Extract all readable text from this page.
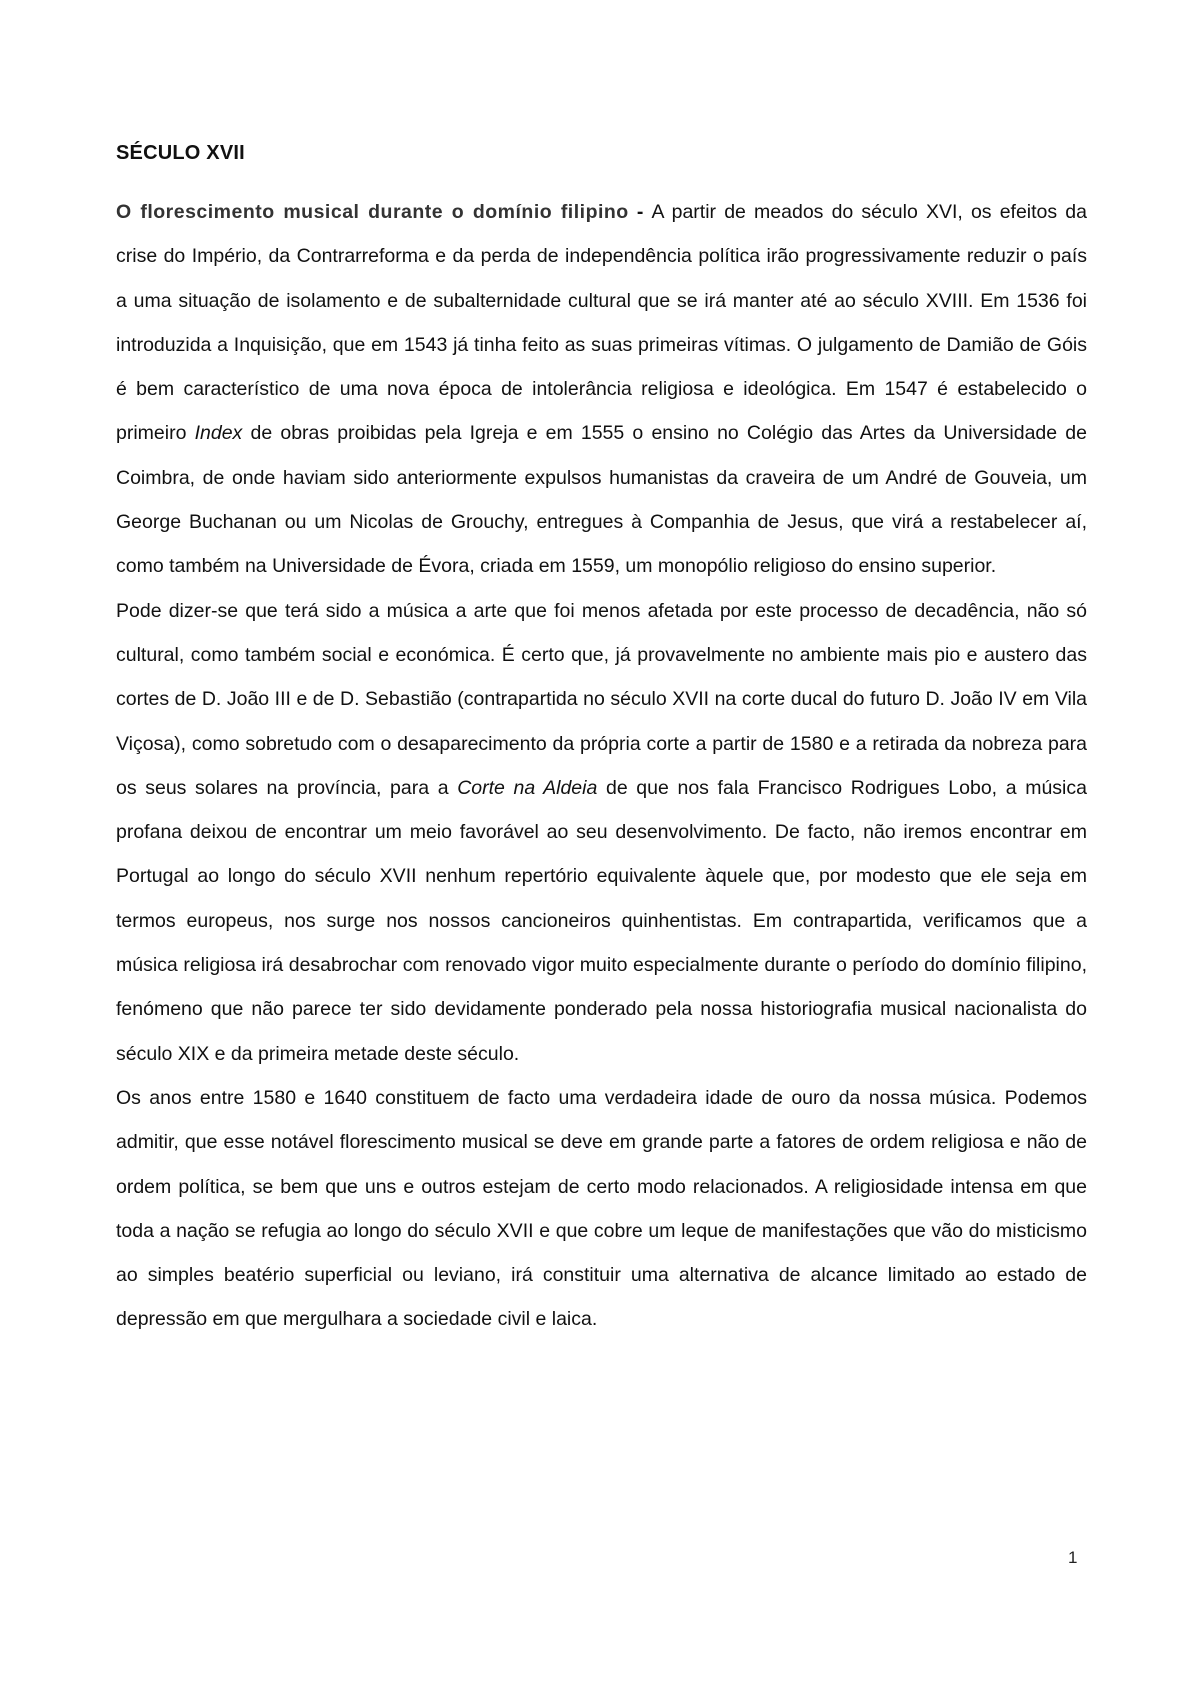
SÉCULO XVII

O florescimento musical durante o domínio filipino - A partir de meados do século XVI, os efeitos da crise do Império, da Contrarreforma e da perda de independência política irão progressivamente reduzir o país a uma situação de isolamento e de subalternidade cultural que se irá manter até ao século XVIII. Em 1536 foi introduzida a Inquisição, que em 1543 já tinha feito as suas primeiras vítimas. O julgamento de Damião de Góis é bem característico de uma nova época de intolerância religiosa e ideológica. Em 1547 é estabelecido o primeiro Index de obras proibidas pela Igreja e em 1555 o ensino no Colégio das Artes da Universidade de Coimbra, de onde haviam sido anteriormente expulsos humanistas da craveira de um André de Gouveia, um George Buchanan ou um Nicolas de Grouchy, entregues à Companhia de Jesus, que virá a restabelecer aí, como também na Universidade de Évora, criada em 1559, um monopólio religioso do ensino superior.

Pode dizer-se que terá sido a música a arte que foi menos afetada por este processo de decadência, não só cultural, como também social e económica. É certo que, já provavelmente no ambiente mais pio e austero das cortes de D. João III e de D. Sebastião (contrapartida no século XVII na corte ducal do futuro D. João IV em Vila Viçosa), como sobretudo com o desaparecimento da própria corte a partir de 1580 e a retirada da nobreza para os seus solares na província, para a Corte na Aldeia de que nos fala Francisco Rodrigues Lobo, a música profana deixou de encontrar um meio favorável ao seu desenvolvimento. De facto, não iremos encontrar em Portugal ao longo do século XVII nenhum repertório equivalente àquele que, por modesto que ele seja em termos europeus, nos surge nos nossos cancioneiros quinhentistas. Em contrapartida, verificamos que a música religiosa irá desabrochar com renovado vigor muito especialmente durante o período do domínio filipino, fenómeno que não parece ter sido devidamente ponderado pela nossa historiografia musical nacionalista do século XIX e da primeira metade deste século.

Os anos entre 1580 e 1640 constituem de facto uma verdadeira idade de ouro da nossa música. Podemos admitir, que esse notável florescimento musical se deve em grande parte a fatores de ordem religiosa e não de ordem política, se bem que uns e outros estejam de certo modo relacionados. A religiosidade intensa em que toda a nação se refugia ao longo do século XVII e que cobre um leque de manifestações que vão do misticismo ao simples beatério superficial ou leviano, irá constituir uma alternativa de alcance limitado ao estado de depressão em que mergulhara a sociedade civil e laica.

1
